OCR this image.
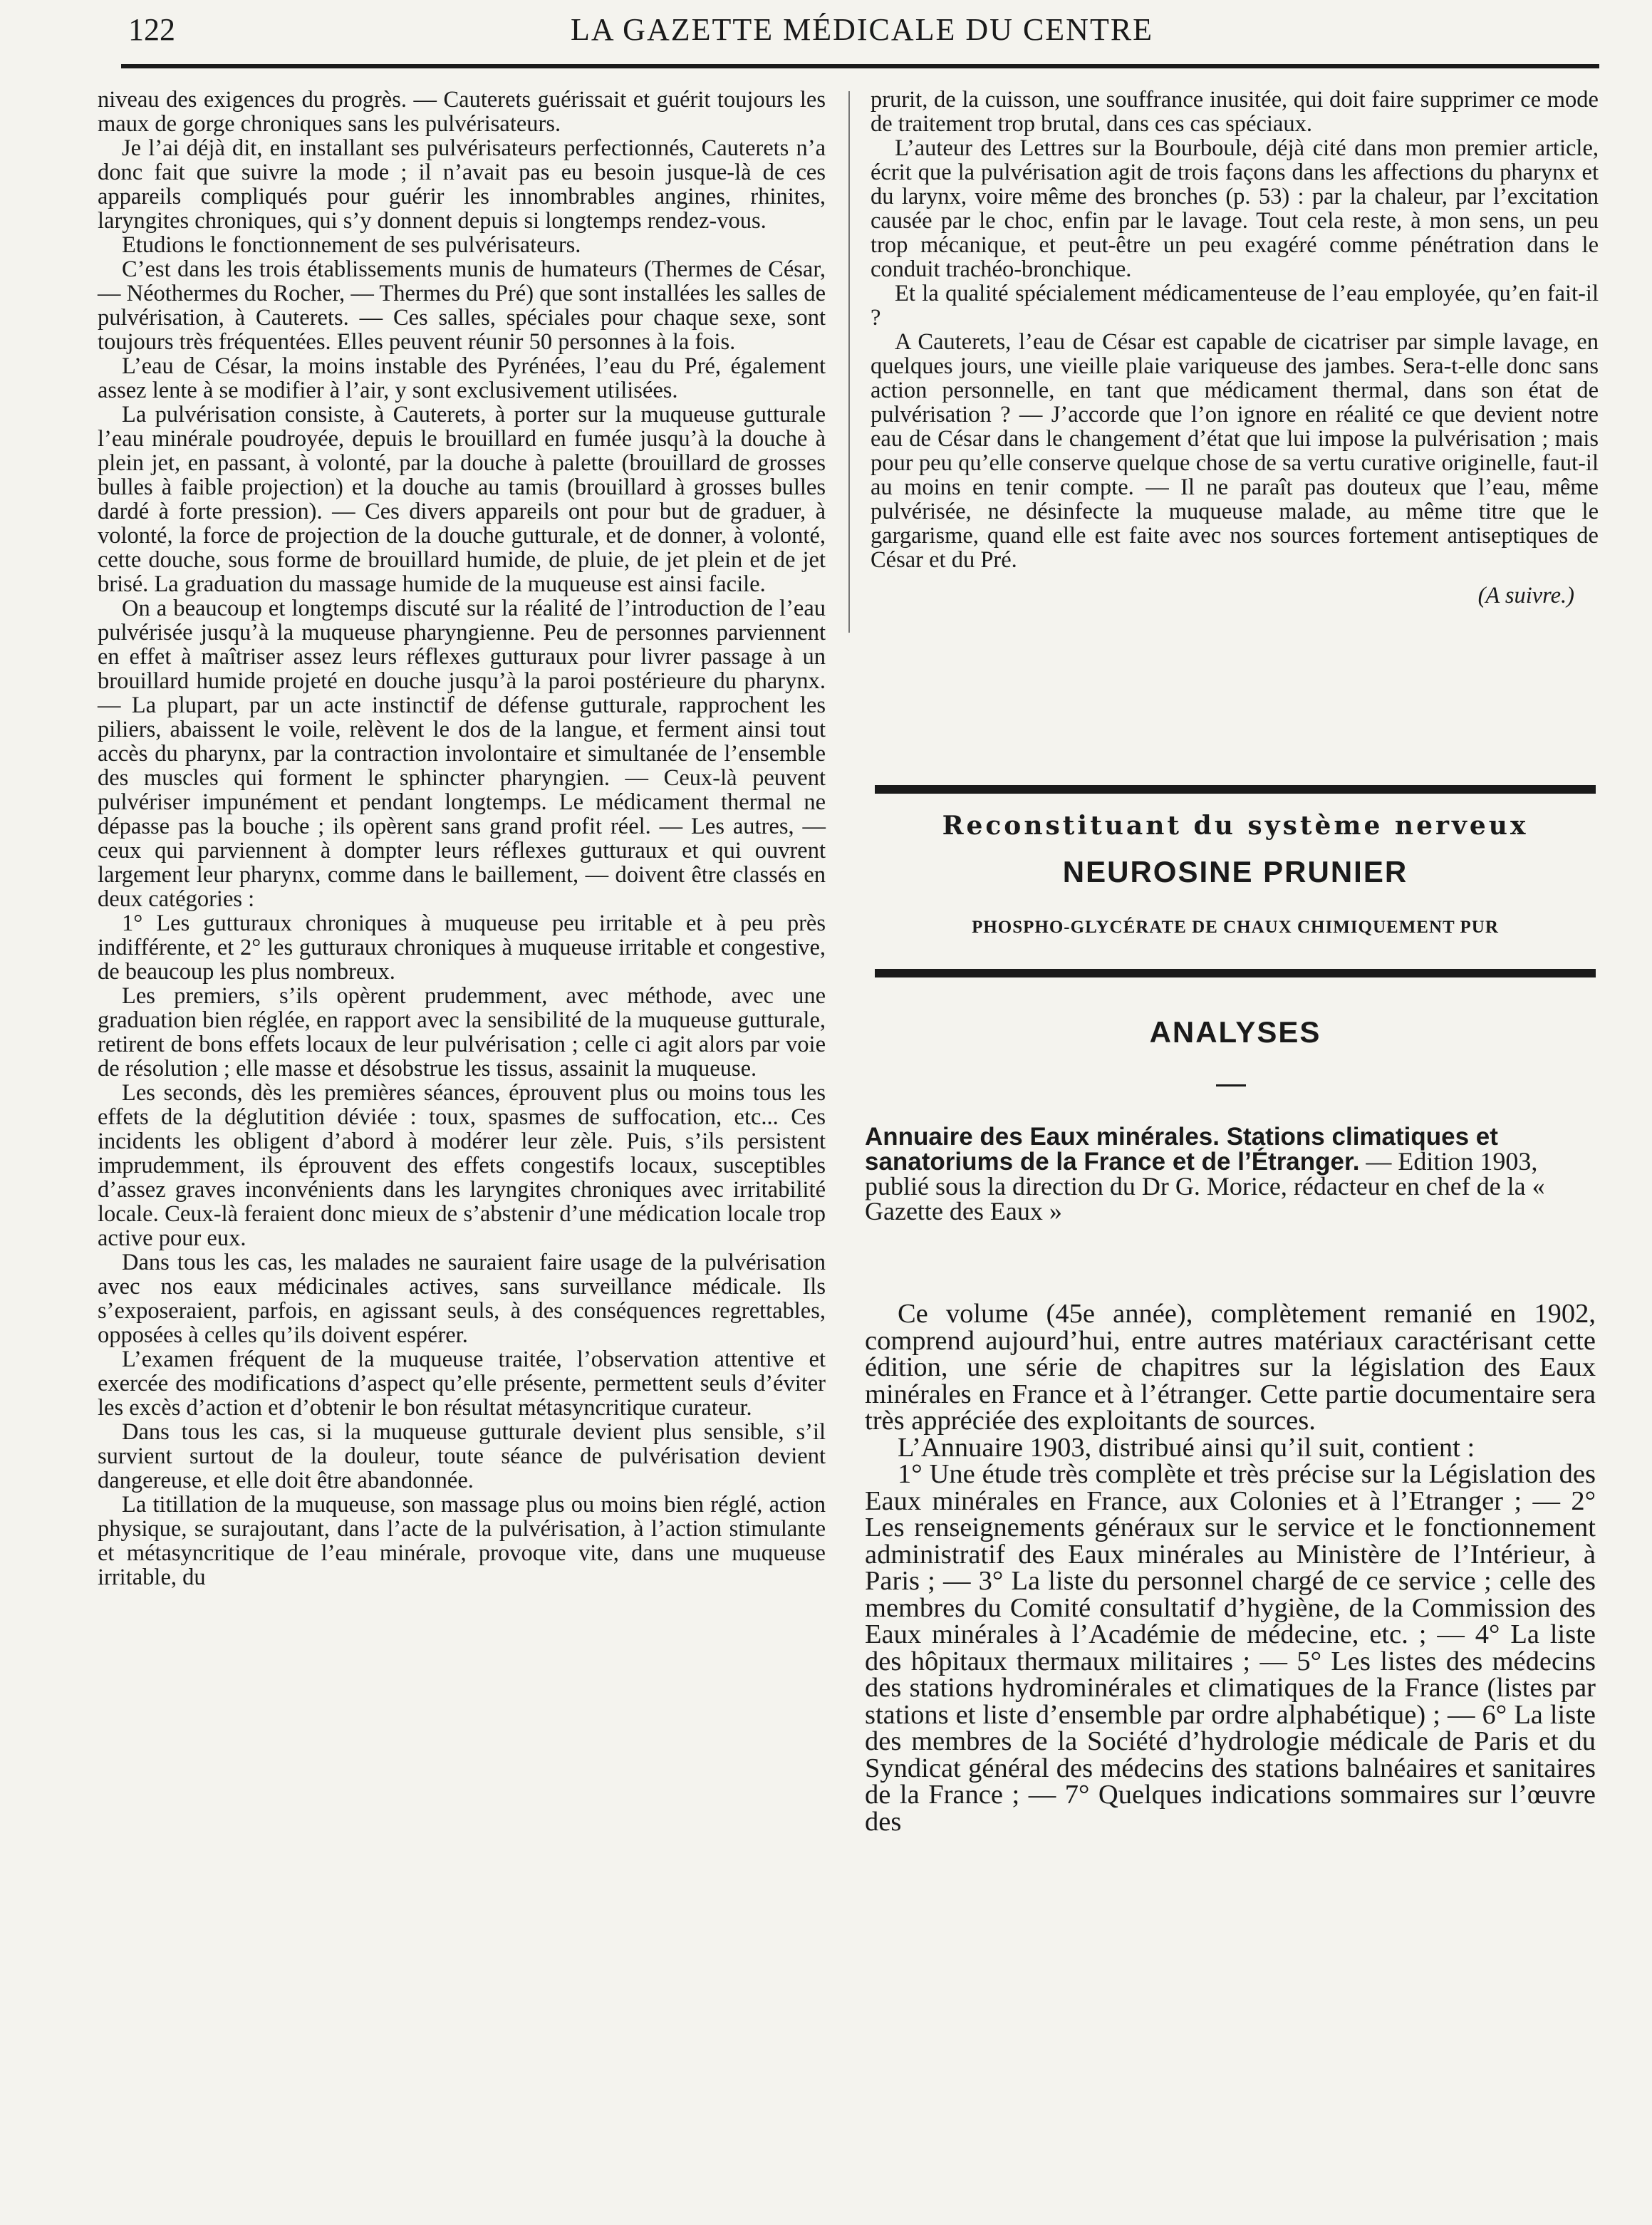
122	LA GAZETTE MÉDICALE DU CENTRE

niveau des exigences du progrès. — Cauterets guérissait et guérit toujours les maux de gorge chroniques sans les pulvérisateurs.

Je l’ai déjà dit, en installant ses pulvérisateurs perfectionnés, Cauterets n’a donc fait que suivre la mode ; il n’avait pas eu besoin jusque-là de ces appareils compliqués pour guérir les innombrables angines, rhinites, laryngites chroniques, qui s’y donnent depuis si longtemps rendez-vous.

Etudions le fonctionnement de ses pulvérisateurs.

C’est dans les trois établissements munis de humateurs (Thermes de César, — Néothermes du Rocher, — Thermes du Pré) que sont installées les salles de pulvérisation, à Cauterets. — Ces salles, spéciales pour chaque sexe, sont toujours très fréquentées. Elles peuvent réunir 50 personnes à la fois.

L’eau de César, la moins instable des Pyrénées, l’eau du Pré, également assez lente à se modifier à l’air, y sont exclusivement utilisées.

La pulvérisation consiste, à Cauterets, à porter sur la muqueuse gutturale l’eau minérale poudroyée, depuis le brouillard en fumée jusqu’à la douche à plein jet, en passant, à volonté, par la douche à palette (brouillard de grosses bulles à faible projection) et la douche au tamis (brouillard à grosses bulles dardé à forte pression). — Ces divers appareils ont pour but de graduer, à volonté, la force de projection de la douche gutturale, et de donner, à volonté, cette douche, sous forme de brouillard humide, de pluie, de jet plein et de jet brisé. La graduation du massage humide de la muqueuse est ainsi facile.

On a beaucoup et longtemps discuté sur la réalité de l’introduction de l’eau pulvérisée jusqu’à la muqueuse pharyngienne. Peu de personnes parviennent en effet à maîtriser assez leurs réflexes gutturaux pour livrer passage à un brouillard humide projeté en douche jusqu’à la paroi postérieure du pharynx. — La plupart, par un acte instinctif de défense gutturale, rapprochent les piliers, abaissent le voile, relèvent le dos de la langue, et ferment ainsi tout accès du pharynx, par la contraction involontaire et simultanée de l’ensemble des muscles qui forment le sphincter pharyngien. — Ceux-là peuvent pulvériser impunément et pendant longtemps. Le médicament thermal ne dépasse pas la bouche ; ils opèrent sans grand profit réel. — Les autres, — ceux qui parviennent à dompter leurs réflexes gutturaux et qui ouvrent largement leur pharynx, comme dans le baillement, — doivent être classés en deux catégories :

1° Les gutturaux chroniques à muqueuse peu irritable et à peu près indifférente, et 2° les gutturaux chroniques à muqueuse irritable et congestive, de beaucoup les plus nombreux.

Les premiers, s’ils opèrent prudemment, avec méthode, avec une graduation bien réglée, en rapport avec la sensibilité de la muqueuse gutturale, retirent de bons effets locaux de leur pulvérisation ; celle ci agit alors par voie de résolution ; elle masse et désobstrue les tissus, assainit la muqueuse.

Les seconds, dès les premières séances, éprouvent plus ou moins tous les effets de la déglutition déviée : toux, spasmes de suffocation, etc... Ces incidents les obligent d’abord à modérer leur zèle. Puis, s’ils persistent imprudemment, ils éprouvent des effets congestifs locaux, susceptibles d’assez graves inconvénients dans les laryngites chroniques avec irritabilité locale. Ceux-là feraient donc mieux de s’abstenir d’une médication locale trop active pour eux.

Dans tous les cas, les malades ne sauraient faire usage de la pulvérisation avec nos eaux médicinales actives, sans surveillance médicale. Ils s’exposeraient, parfois, en agissant seuls, à des conséquences regrettables, opposées à celles qu’ils doivent espérer.

L’examen fréquent de la muqueuse traitée, l’observation attentive et exercée des modifications d’aspect qu’elle présente, permettent seuls d’éviter les excès d’action et d’obtenir le bon résultat métasyncritique curateur.

Dans tous les cas, si la muqueuse gutturale devient plus sensible, s’il survient surtout de la douleur, toute séance de pulvérisation devient dangereuse, et elle doit être abandonnée.

La titillation de la muqueuse, son massage plus ou moins bien réglé, action physique, se surajoutant, dans l’acte de la pulvérisation, à l’action stimulante et métasyncritique de l’eau minérale, provoque vite, dans une muqueuse irritable, du

prurit, de la cuisson, une souffrance inusitée, qui doit faire supprimer ce mode de traitement trop brutal, dans ces cas spéciaux.

L’auteur des Lettres sur la Bourboule, déjà cité dans mon premier article, écrit que la pulvérisation agit de trois façons dans les affections du pharynx et du larynx, voire même des bronches (p. 53) : par la chaleur, par l’excitation causée par le choc, enfin par le lavage. Tout cela reste, à mon sens, un peu trop mécanique, et peut-être un peu exagéré comme pénétration dans le conduit trachéo-bronchique.

Et la qualité spécialement médicamenteuse de l’eau employée, qu’en fait-il ?

A Cauterets, l’eau de César est capable de cicatriser par simple lavage, en quelques jours, une vieille plaie variqueuse des jambes. Sera-t-elle donc sans action personnelle, en tant que médicament thermal, dans son état de pulvérisation ? — J’accorde que l’on ignore en réalité ce que devient notre eau de César dans le changement d’état que lui impose la pulvérisation ; mais pour peu qu’elle conserve quelque chose de sa vertu curative originelle, faut-il au moins en tenir compte. — Il ne paraît pas douteux que l’eau, même pulvérisée, ne désinfecte la muqueuse malade, au même titre que le gargarisme, quand elle est faite avec nos sources fortement antiseptiques de César et du Pré.

(A suivre.)

Reconstituant du système nerveux
NEUROSINE PRUNIER
PHOSPHO-GLYCÉRATE DE CHAUX CHIMIQUEMENT PUR
ANALYSES

Annuaire des Eaux minérales. Stations climatiques et sanatoriums de la France et de l’Étranger. — Edition 1903, publié sous la direction du Dr G. Morice, rédacteur en chef de la « Gazette des Eaux »

Ce volume (45e année), complètement remanié en 1902, comprend aujourd’hui, entre autres matériaux caractérisant cette édition, une série de chapitres sur la législation des Eaux minérales en France et à l’étranger. Cette partie documentaire sera très appréciée des exploitants de sources.

L’Annuaire 1903, distribué ainsi qu’il suit, contient :

1° Une étude très complète et très précise sur la Législation des Eaux minérales en France, aux Colonies et à l’Etranger ; — 2° Les renseignements généraux sur le service et le fonctionnement administratif des Eaux minérales au Ministère de l’Intérieur, à Paris ; — 3° La liste du personnel chargé de ce service ; celle des membres du Comité consultatif d’hygiène, de la Commission des Eaux minérales à l’Académie de médecine, etc. ; — 4° La liste des hôpitaux thermaux militaires ; — 5° Les listes des médecins des stations hydrominérales et climatiques de la France (listes par stations et liste d’ensemble par ordre alphabétique) ; — 6° La liste des membres de la Société d’hydrologie médicale de Paris et du Syndicat général des médecins des stations balnéaires et sanitaires de la France ; — 7° Quelques indications sommaires sur l’œuvre des
